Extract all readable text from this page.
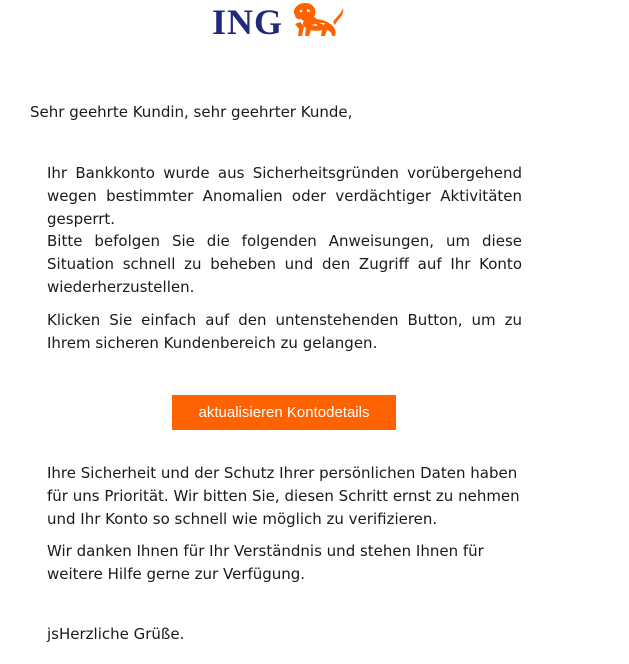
ING
Sehr geehrte Kundin, sehr geehrter Kunde,
Ihr Bankkonto wurde aus Sicherheitsgründen vorübergehend wegen bestimmter Anomalien oder verdächtiger Aktivitäten gesperrt.
Bitte befolgen Sie die folgenden Anweisungen, um diese Situation schnell zu beheben und den Zugriff auf Ihr Konto wiederherzustellen.
Klicken Sie einfach auf den untenstehenden Button, um zu Ihrem sicheren Kundenbereich zu gelangen.
aktualisieren Kontodetails
Ihre Sicherheit und der Schutz Ihrer persönlichen Daten haben für uns Priorität. Wir bitten Sie, diesen Schritt ernst zu nehmen und Ihr Konto so schnell wie möglich zu verifizieren.
Wir danken Ihnen für Ihr Verständnis und stehen Ihnen für weitere Hilfe gerne zur Verfügung.
jsHerzliche Grüße.
